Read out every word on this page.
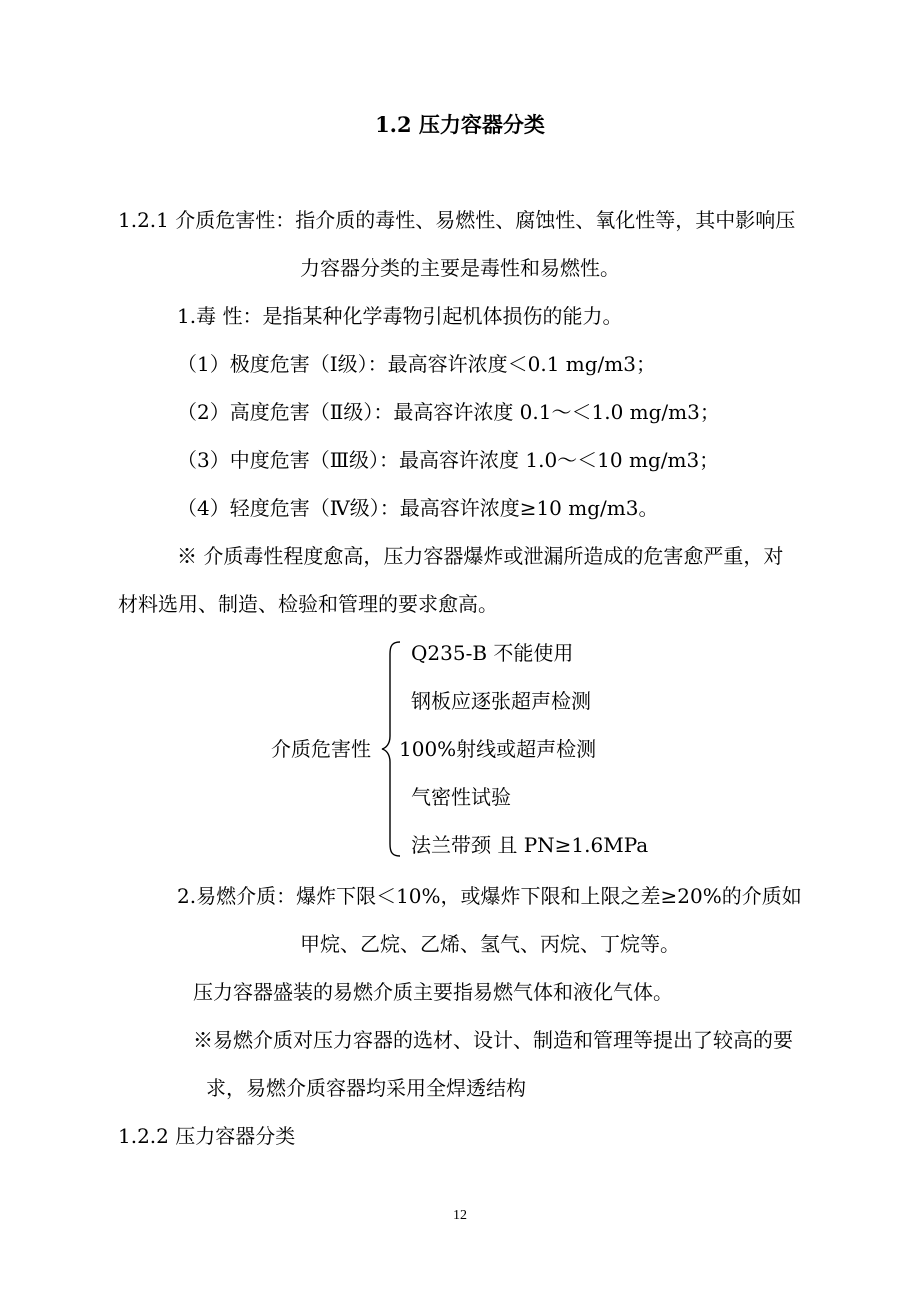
1.2 压力容器分类
1.2.1 介质危害性：指介质的毒性、易燃性、腐蚀性、氧化性等，其中影响压
力容器分类的主要是毒性和易燃性。
1.毒 性：是指某种化学毒物引起机体损伤的能力。
（1）极度危害（Ⅰ级）：最高容许浓度＜0.1 mg/m3；
（2）高度危害（Ⅱ级）：最高容许浓度 0.1～＜1.0 mg/m3；
（3）中度危害（Ⅲ级）：最高容许浓度 1.0～＜10 mg/m3；
（4）轻度危害（Ⅳ级）：最高容许浓度≥10 mg/m3。
※ 介质毒性程度愈高，压力容器爆炸或泄漏所造成的危害愈严重，对
材料选用、制造、检验和管理的要求愈高。
介质危害性
Q235-B 不能使用
钢板应逐张超声检测
100%射线或超声检测
气密性试验
法兰带颈 且 PN≥1.6MPa
2.易燃介质：爆炸下限＜10%，或爆炸下限和上限之差≥20%的介质如
甲烷、乙烷、乙烯、氢气、丙烷、丁烷等。
压力容器盛装的易燃介质主要指易燃气体和液化气体。
※易燃介质对压力容器的选材、设计、制造和管理等提出了较高的要
求，易燃介质容器均采用全焊透结构
1.2.2 压力容器分类
12
